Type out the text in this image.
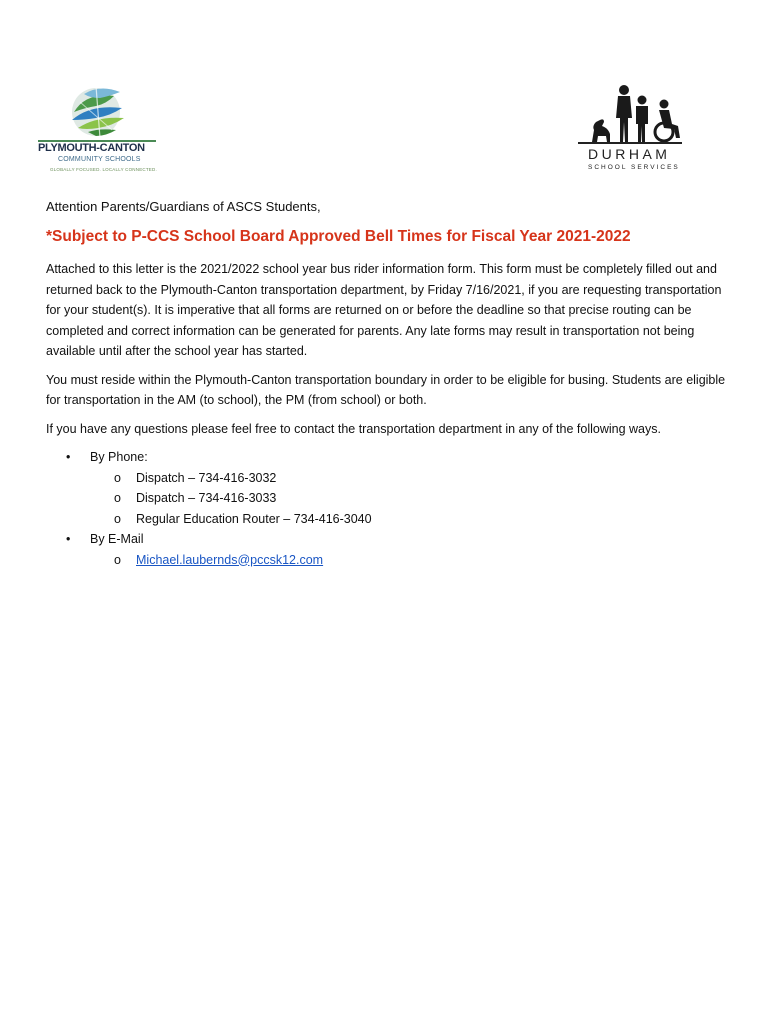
PLYMOUTH-CANTON
COMMUNITY SCHOOLS
GLOBALLY FOCUSED. LOCALLY CONNECTED.
DURHAM
SCHOOL SERVICES

Attention Parents/Guardians of ASCS Students,

*Subject to P-CCS School Board Approved Bell Times for Fiscal Year 2021-2022

Attached to this letter is the 2021/2022 school year bus rider information form. This form must be completely filled out and returned back to the Plymouth-Canton transportation department, by Friday 7/16/2021, if you are requesting transportation for your student(s). It is imperative that all forms are returned on or before the deadline so that precise routing can be completed and correct information can be generated for parents. Any late forms may result in transportation not being available until after the school year has started.

You must reside within the Plymouth-Canton transportation boundary in order to be eligible for busing. Students are eligible for transportation in the AM (to school), the PM (from school) or both.

If you have any questions please feel free to contact the transportation department in any of the following ways.

• By Phone:
o Dispatch – 734-416-3032
o Dispatch – 734-416-3033
o Regular Education Router – 734-416-3040
• By E-Mail
o Michael.laubernds@pccsk12.com
